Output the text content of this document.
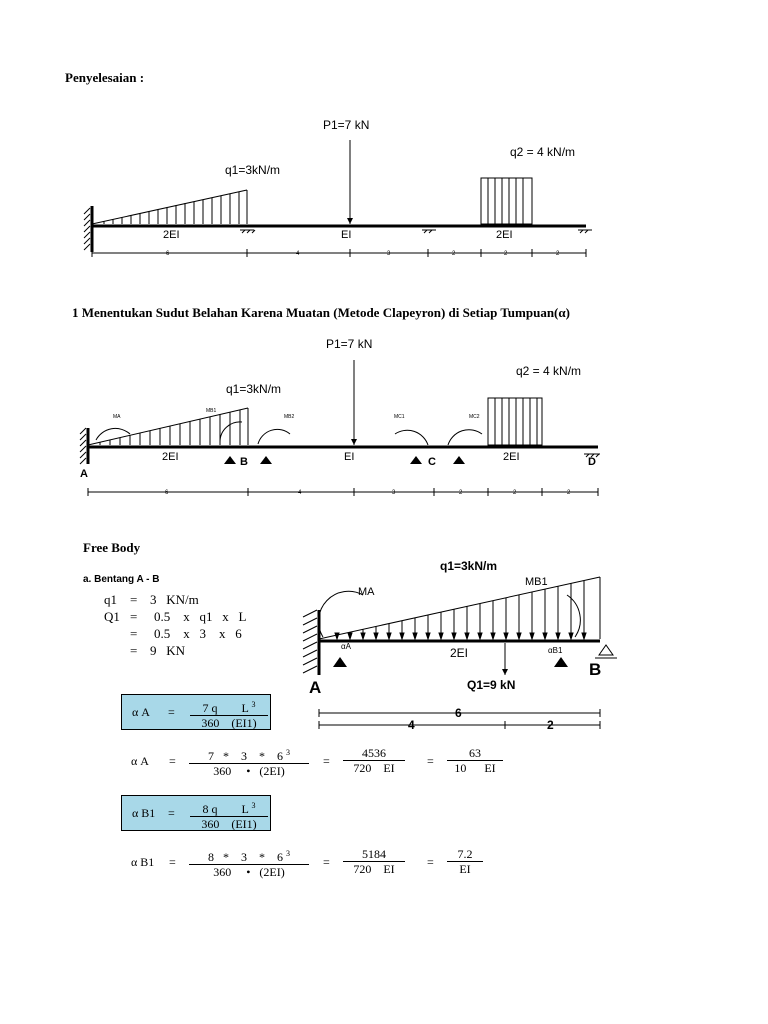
Penyelesaian :
P1=7 kN
q1=3kN/m
q2 = 4 kN/m
2EI	EI	2EI
6	4	3	2	2	2
1 Menentukan Sudut Belahan Karena Muatan (Metode Clapeyron) di Setiap Tumpuan(α)
MA
MB1
MB2	MC1	MC2
P1=7 kN
q1=3kN/m
q2 = 4 kN/m
2EI	EI	2EI
A
B	C	D
6	4	3	2	2	2
Free Body
a. Bentang A - B
q1 = 3   KN/m
Q1 = 0.5    x   q1   x   L
= 0.5    x   3    x   6
= 9   KN
q1=3kN/m
MA
MB1
2EI
Q1=9 kN
A
B
αA	αB1
6
4	2
α $A = \frac{7 q L ^3}{360 (EI1)}$
α $A = \frac{7 * 3 * 6 ^3}{360 • (2EI)} = \frac{4536}{720 EI} = \frac{63}{10 EI}$
α $B1 = \frac{8 q L ^3}{360 (EI1)}$
α $B1 = \frac{8 * 3 * 6 ^3}{360 • (2EI)} = \frac{5184}{720 EI} = \frac{7.2}{EI}$
